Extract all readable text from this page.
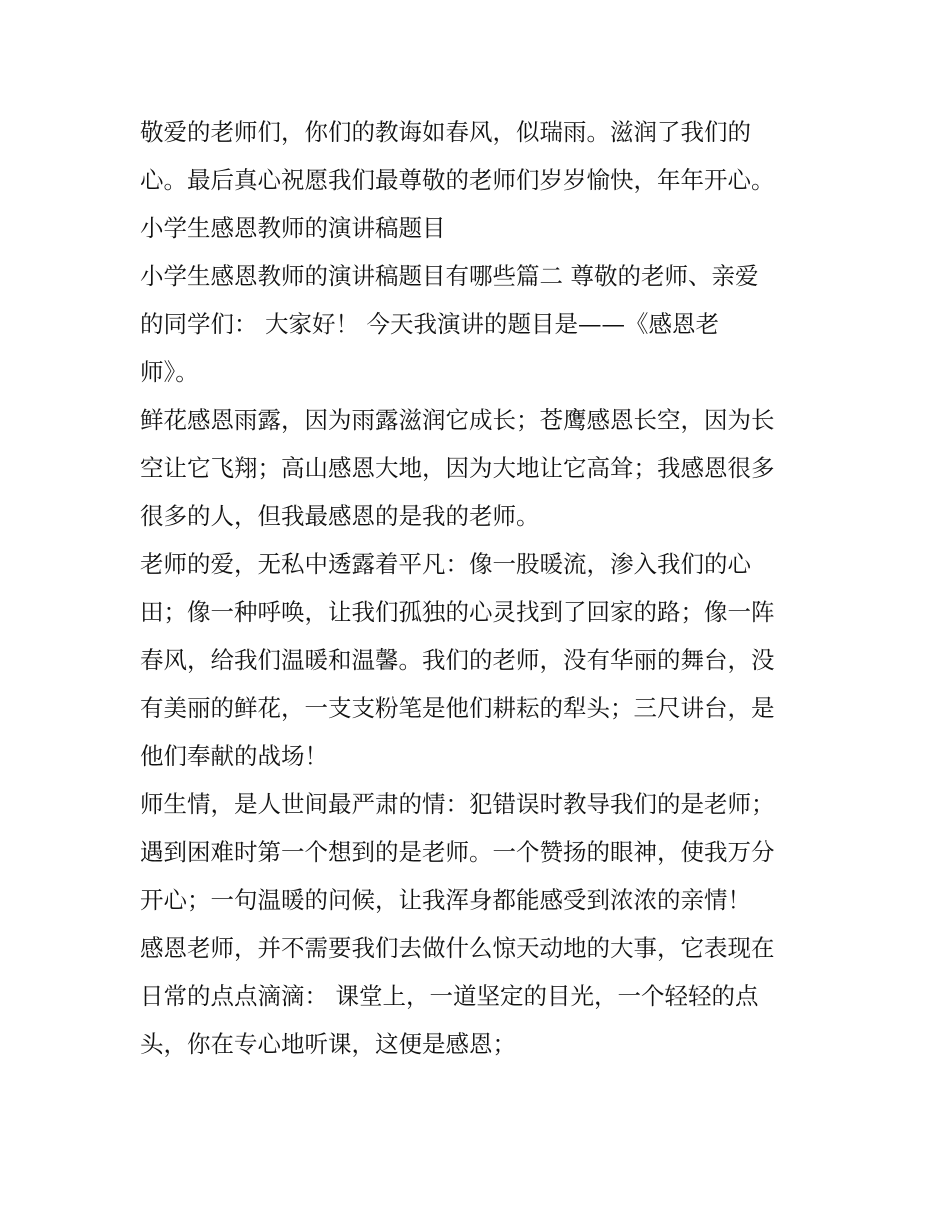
敬爱的老师们，你们的教诲如春风，似瑞雨。滋润了我们的
心。最后真心祝愿我们最尊敬的老师们岁岁愉快，年年开心。
小学生感恩教师的演讲稿题目
小学生感恩教师的演讲稿题目有哪些篇二 尊敬的老师、亲爱
的同学们： 大家好！ 今天我演讲的题目是——《感恩老
师》。
鲜花感恩雨露，因为雨露滋润它成长；苍鹰感恩长空，因为长
空让它飞翔；高山感恩大地，因为大地让它高耸；我感恩很多
很多的人，但我最感恩的是我的老师。
老师的爱，无私中透露着平凡：像一股暖流，渗入我们的心
田；像一种呼唤，让我们孤独的心灵找到了回家的路；像一阵
春风，给我们温暖和温馨。我们的老师，没有华丽的舞台，没
有美丽的鲜花，一支支粉笔是他们耕耘的犁头；三尺讲台，是
他们奉献的战场！
师生情，是人世间最严肃的情：犯错误时教导我们的是老师；
遇到困难时第一个想到的是老师。一个赞扬的眼神，使我万分
开心；一句温暖的问候，让我浑身都能感受到浓浓的亲情！
感恩老师，并不需要我们去做什么惊天动地的大事，它表现在
日常的点点滴滴： 课堂上，一道坚定的目光，一个轻轻的点
头，你在专心地听课，这便是感恩；
